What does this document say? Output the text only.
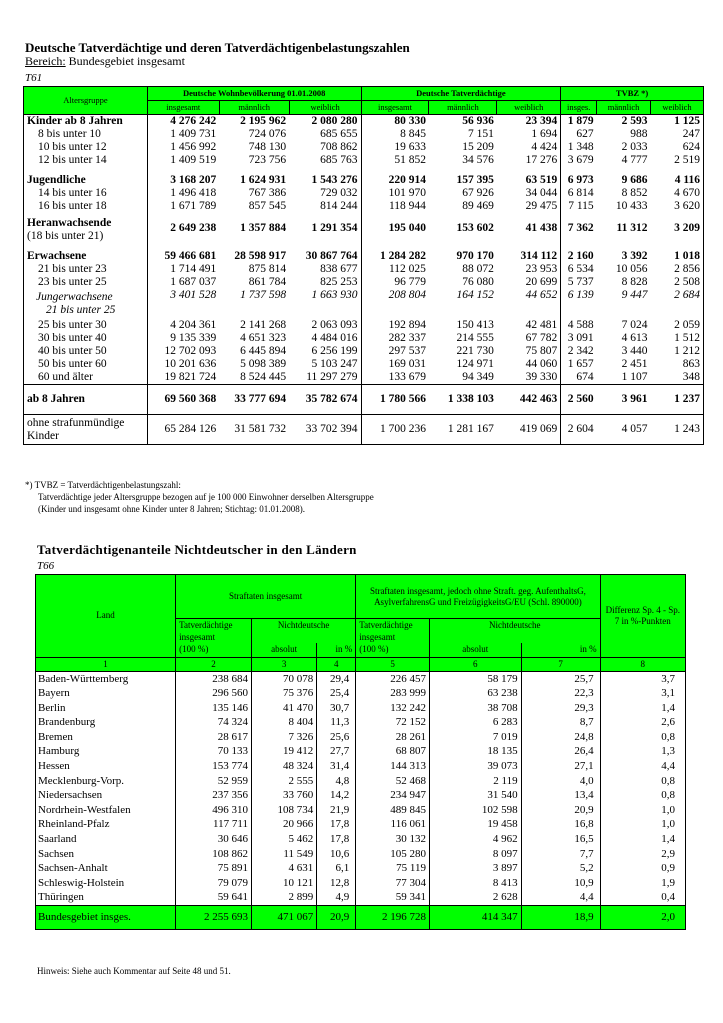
Deutsche Tatverdächtige und deren Tatverdächtigenbelastungszahlen
Bereich: Bundesgebiet insgesamt
T61
Altersgruppe	Deutsche Wohnbevölkerung 01.01.2008			Deutsche Tatverdächtige			TVBZ *)		
	insgesamt	männlich	weiblich	insgesamt	männlich	weiblich	insges.	männlich	weiblich
Kinder ab 8 Jahren	4 276 242	2 195 962	2 080 280	80 330	56 936	23 394	1 879	2 593	1 125
8 bis unter 10	1 409 731	724 076	685 655	8 845	7 151	1 694	627	988	247
10 bis unter 12	1 456 992	748 130	708 862	19 633	15 209	4 424	1 348	2 033	624
12 bis unter 14	1 409 519	723 756	685 763	51 852	34 576	17 276	3 679	4 777	2 519
Jugendliche	3 168 207	1 624 931	1 543 276	220 914	157 395	63 519	6 973	9 686	4 116
14 bis unter 16	1 496 418	767 386	729 032	101 970	67 926	34 044	6 814	8 852	4 670
16 bis unter 18	1 671 789	857 545	814 244	118 944	89 469	29 475	7 115	10 433	3 620
Heranwachsende
(18 bis unter 21)	2 649 238	1 357 884	1 291 354	195 040	153 602	41 438	7 362	11 312	3 209
Erwachsene	59 466 681	28 598 917	30 867 764	1 284 282	970 170	314 112	2 160	3 392	1 018
21 bis unter 23	1 714 491	875 814	838 677	112 025	88 072	23 953	6 534	10 056	2 856
23 bis unter 25	1 687 037	861 784	825 253	96 779	76 080	20 699	5 737	8 828	2 508
Jungerwachsene
21 bis unter 25	3 401 528	1 737 598	1 663 930	208 804	164 152	44 652	6 139	9 447	2 684
25 bis unter 30	4 204 361	2 141 268	2 063 093	192 894	150 413	42 481	4 588	7 024	2 059
30 bis unter 40	9 135 339	4 651 323	4 484 016	282 337	214 555	67 782	3 091	4 613	1 512
40 bis unter 50	12 702 093	6 445 894	6 256 199	297 537	221 730	75 807	2 342	3 440	1 212
50 bis unter 60	10 201 636	5 098 389	5 103 247	169 031	124 971	44 060	1 657	2 451	863
60 und älter	19 821 724	8 524 445	11 297 279	133 679	94 349	39 330	674	1 107	348
ab 8 Jahren	69 560 368	33 777 694	35 782 674	1 780 566	1 338 103	442 463	2 560	3 961	1 237
ohne strafunmündige
Kinder	65 284 126	31 581 732	33 702 394	1 700 236	1 281 167	419 069	2 604	4 057	1 243
*) TVBZ = Tatverdächtigenbelastungszahl:
Tatverdächtige jeder Altersgruppe bezogen auf je 100 000 Einwohner derselben Altersgruppe
(Kinder und insgesamt ohne Kinder unter 8 Jahren; Stichtag: 01.01.2008).
Tatverdächtigenanteile Nichtdeutscher in den Ländern
T66
Land	Straftaten insgesamt			Straftaten insgesamt, jedoch ohne Straft. geg. AufenthaltsG, AsylverfahrensG und FreizügigkeitsG/EU (Schl. 890000)			Differenz Sp. 4 - Sp. 7 in %-Punkten
	Tatverdächtige insgesamt	Nichtdeutsche		Tatverdächtige insgesamt	Nichtdeutsche		
	(100 %)	absolut	in %	(100 %)	absolut	in %	
1	2	3	4	5	6	7	8
Baden-Württemberg	238 684	70 078	29,4	226 457	58 179	25,7	3,7
Bayern	296 560	75 376	25,4	283 999	63 238	22,3	3,1
Berlin	135 146	41 470	30,7	132 242	38 708	29,3	1,4
Brandenburg	74 324	8 404	11,3	72 152	6 283	8,7	2,6
Bremen	28 617	7 326	25,6	28 261	7 019	24,8	0,8
Hamburg	70 133	19 412	27,7	68 807	18 135	26,4	1,3
Hessen	153 774	48 324	31,4	144 313	39 073	27,1	4,4
Mecklenburg-Vorp.	52 959	2 555	4,8	52 468	2 119	4,0	0,8
Niedersachsen	237 356	33 760	14,2	234 947	31 540	13,4	0,8
Nordrhein-Westfalen	496 310	108 734	21,9	489 845	102 598	20,9	1,0
Rheinland-Pfalz	117 711	20 966	17,8	116 061	19 458	16,8	1,0
Saarland	30 646	5 462	17,8	30 132	4 962	16,5	1,4
Sachsen	108 862	11 549	10,6	105 280	8 097	7,7	2,9
Sachsen-Anhalt	75 891	4 631	6,1	75 119	3 897	5,2	0,9
Schleswig-Holstein	79 079	10 121	12,8	77 304	8 413	10,9	1,9
Thüringen	59 641	2 899	4,9	59 341	2 628	4,4	0,4
Bundesgebiet insges.	2 255 693	471 067	20,9	2 196 728	414 347	18,9	2,0
Hinweis: Siehe auch Kommentar auf Seite 48 und 51.
